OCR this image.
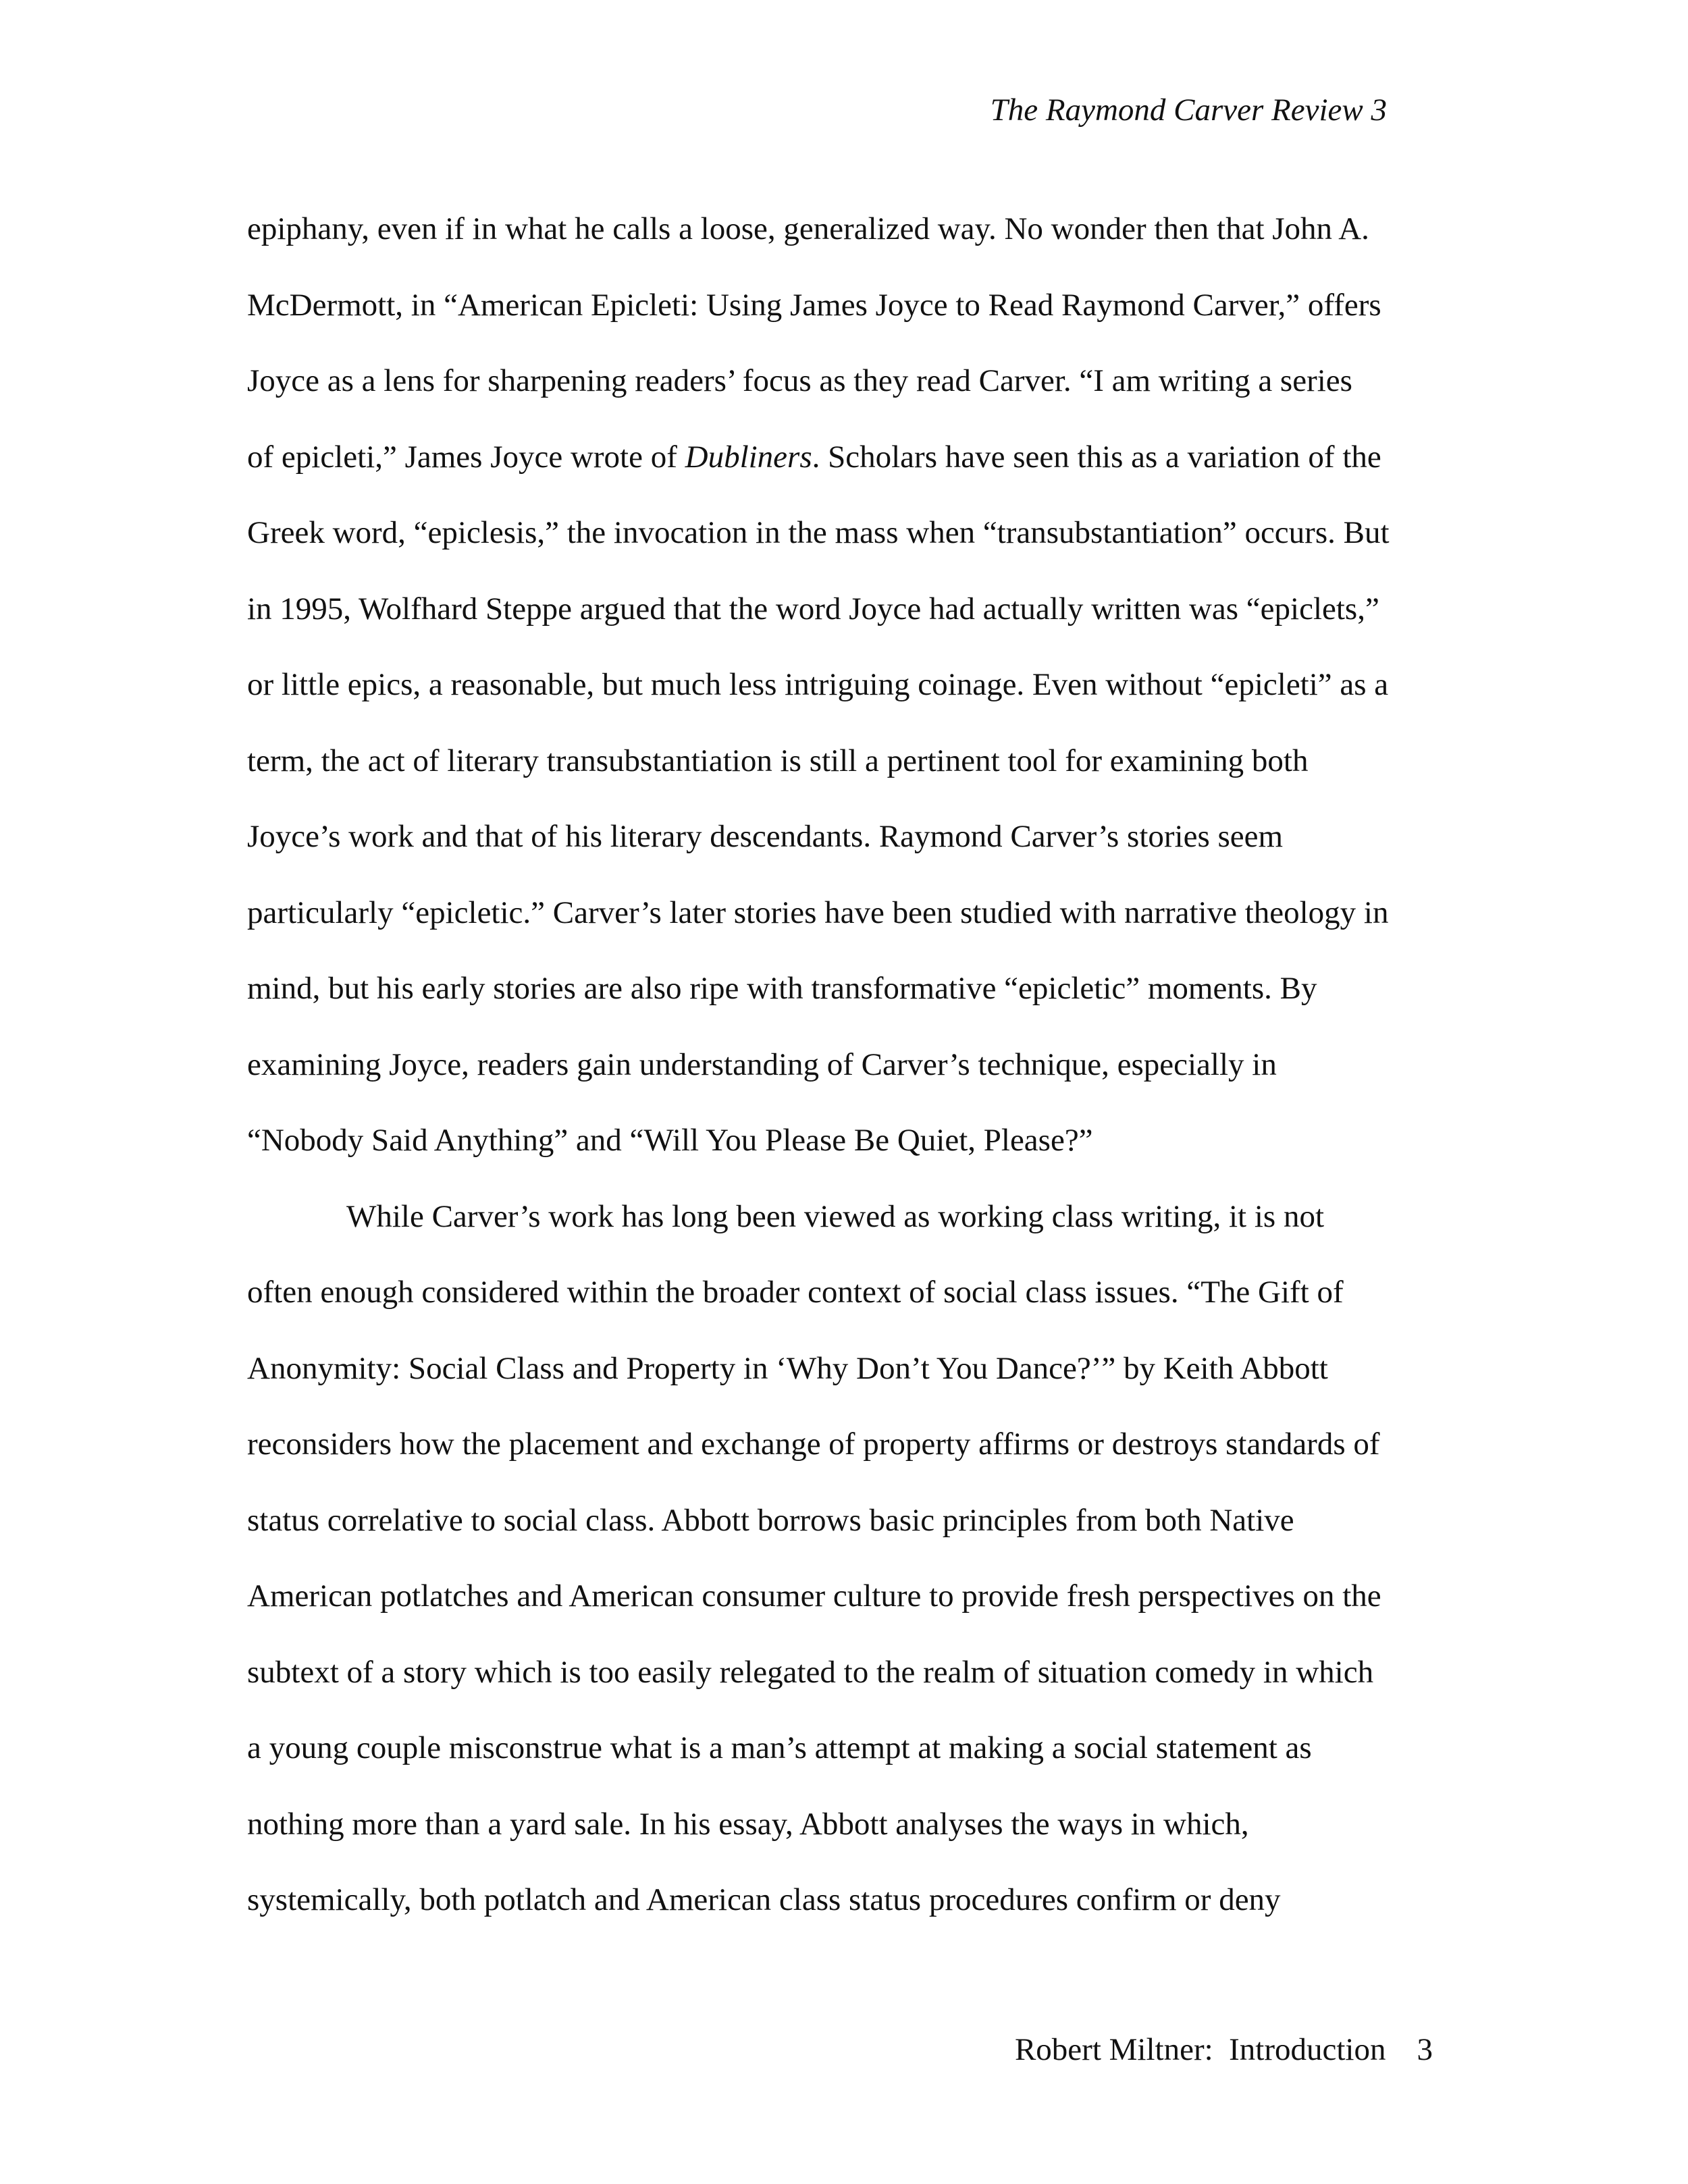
The Raymond Carver Review 3
epiphany, even if in what he calls a loose, generalized way. No wonder then that John A.
McDermott, in “American Epicleti: Using James Joyce to Read Raymond Carver,” offers
Joyce as a lens for sharpening readers’ focus as they read Carver. “I am writing a series
of epicleti,” James Joyce wrote of Dubliners. Scholars have seen this as a variation of the
Greek word, “epiclesis,” the invocation in the mass when “transubstantiation” occurs. But
in 1995, Wolfhard Steppe argued that the word Joyce had actually written was “epiclets,”
or little epics, a reasonable, but much less intriguing coinage. Even without “epicleti” as a
term, the act of literary transubstantiation is still a pertinent tool for examining both
Joyce’s work and that of his literary descendants. Raymond Carver’s stories seem
particularly “epicletic.” Carver’s later stories have been studied with narrative theology in
mind, but his early stories are also ripe with transformative “epicletic” moments. By
examining Joyce, readers gain understanding of Carver’s technique, especially in
“Nobody Said Anything” and “Will You Please Be Quiet, Please?”
While Carver’s work has long been viewed as working class writing, it is not
often enough considered within the broader context of social class issues. “The Gift of
Anonymity: Social Class and Property in ‘Why Don’t You Dance?’” by Keith Abbott
reconsiders how the placement and exchange of property affirms or destroys standards of
status correlative to social class. Abbott borrows basic principles from both Native
American potlatches and American consumer culture to provide fresh perspectives on the
subtext of a story which is too easily relegated to the realm of situation comedy in which
a young couple misconstrue what is a man’s attempt at making a social statement as
nothing more than a yard sale. In his essay, Abbott analyses the ways in which,
systemically, both potlatch and American class status procedures confirm or deny
Robert Miltner:  Introduction 3
